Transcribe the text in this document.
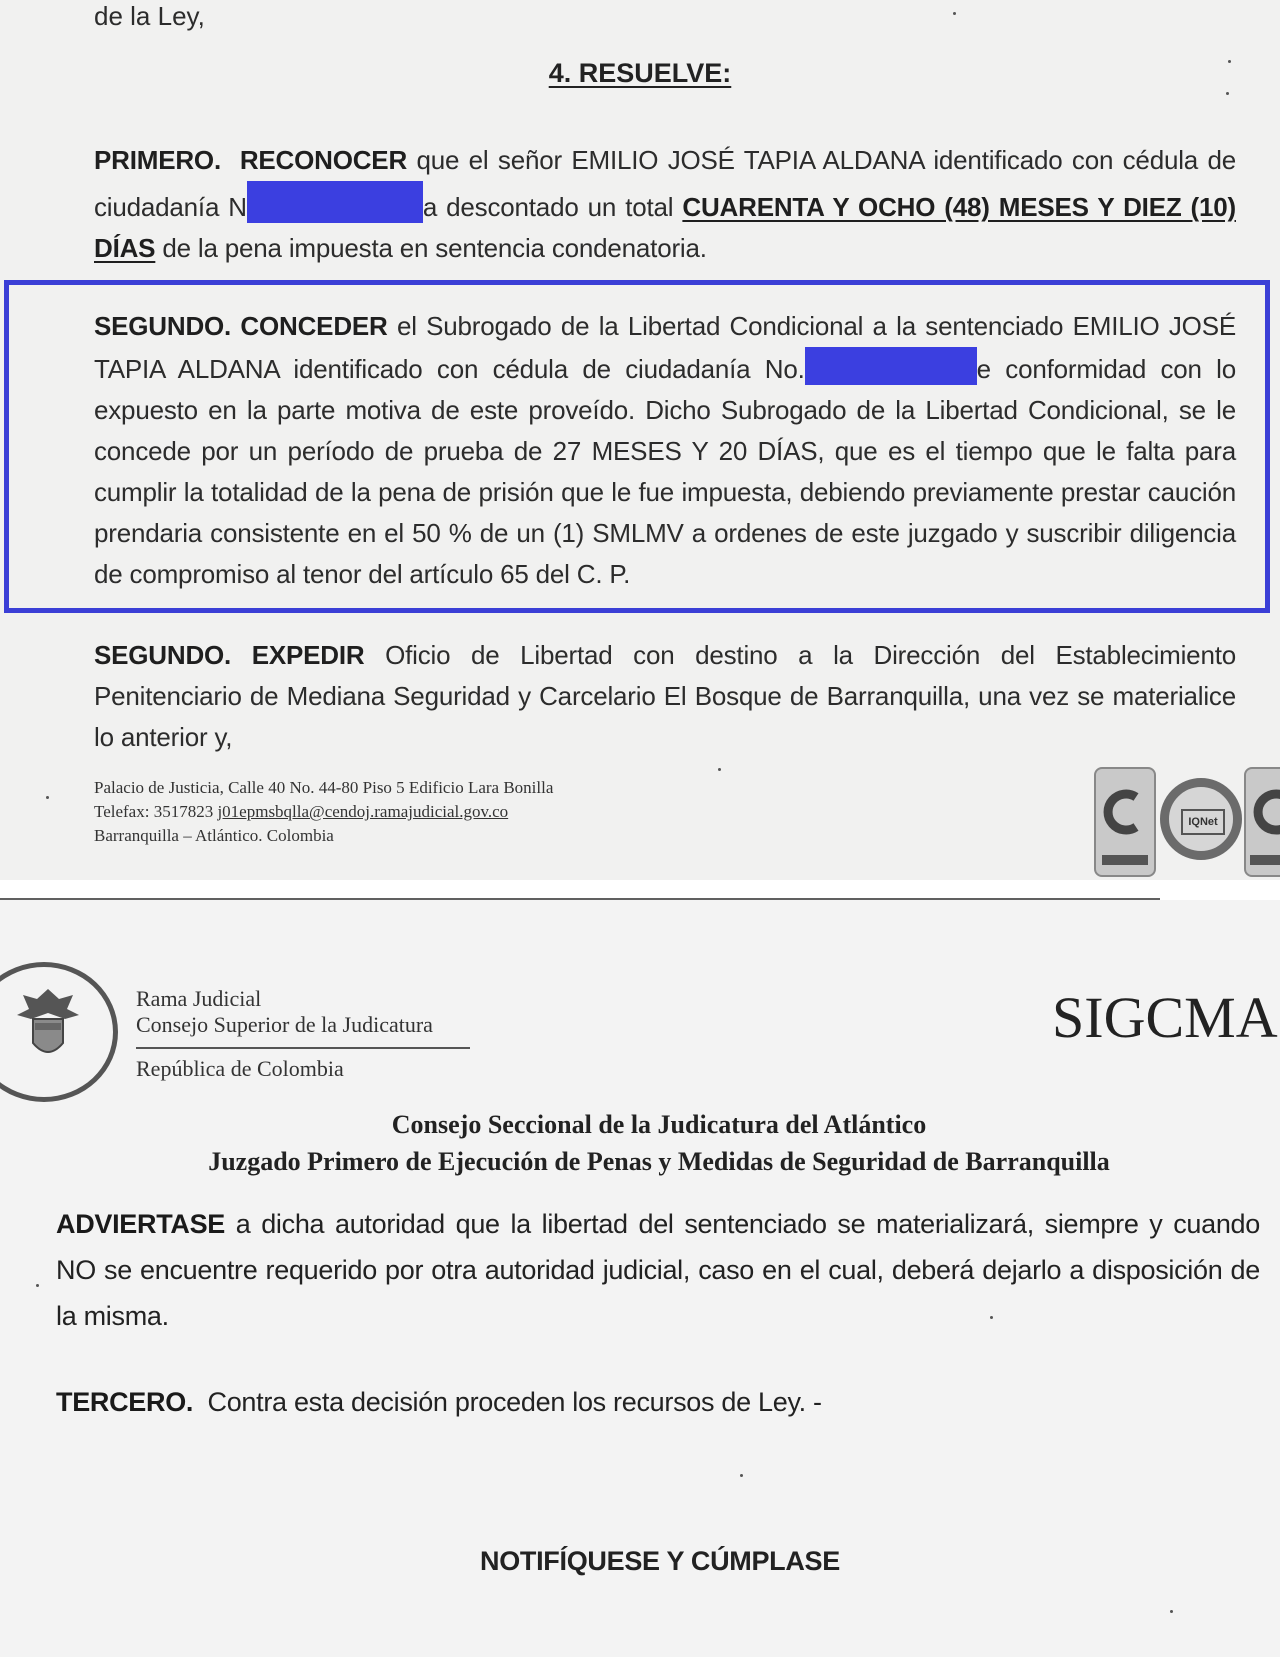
de la Ley,
4. RESUELVE:
PRIMERO. RECONOCER que el señor EMILIO JOSÉ TAPIA ALDANA identificado con cédula de ciudadanía N	a descontado un total CUARENTA Y OCHO (48) MESES Y DIEZ (10) DÍAS de la pena impuesta en sentencia condenatoria.
SEGUNDO. CONCEDER el Subrogado de la Libertad Condicional a la sentenciado EMILIO JOSÉ TAPIA ALDANA identificado con cédula de ciudadanía No.	e conformidad con lo expuesto en la parte motiva de este proveído. Dicho Subrogado de la Libertad Condicional, se le concede por un período de prueba de 27 MESES Y 20 DÍAS, que es el tiempo que le falta para cumplir la totalidad de la pena de prisión que le fue impuesta, debiendo previamente prestar caución prendaria consistente en el 50 % de un (1) SMLMV a ordenes de este juzgado y suscribir diligencia de compromiso al tenor del artículo 65 del C. P.
SEGUNDO. EXPEDIR Oficio de Libertad con destino a la Dirección del Establecimiento Penitenciario de Mediana Seguridad y Carcelario El Bosque de Barranquilla, una vez se materialice lo anterior y,
Palacio de Justicia, Calle 40 No. 44-80 Piso 5 Edificio Lara Bonilla
Telefax: 3517823 j01epmsbqlla@cendoj.ramajudicial.gov.co
Barranquilla – Atlántico. Colombia
IQNet
Rama Judicial
Consejo Superior de la Judicatura
República de Colombia
SIGCMA
Consejo Seccional de la Judicatura del Atlántico
Juzgado Primero de Ejecución de Penas y Medidas de Seguridad de Barranquilla
ADVIERTASE a dicha autoridad que la libertad del sentenciado se materializará, siempre y cuando NO se encuentre requerido por otra autoridad judicial, caso en el cual, deberá dejarlo a disposición de la misma.
TERCERO. Contra esta decisión proceden los recursos de Ley. -
NOTIFÍQUESE Y CÚMPLASE
